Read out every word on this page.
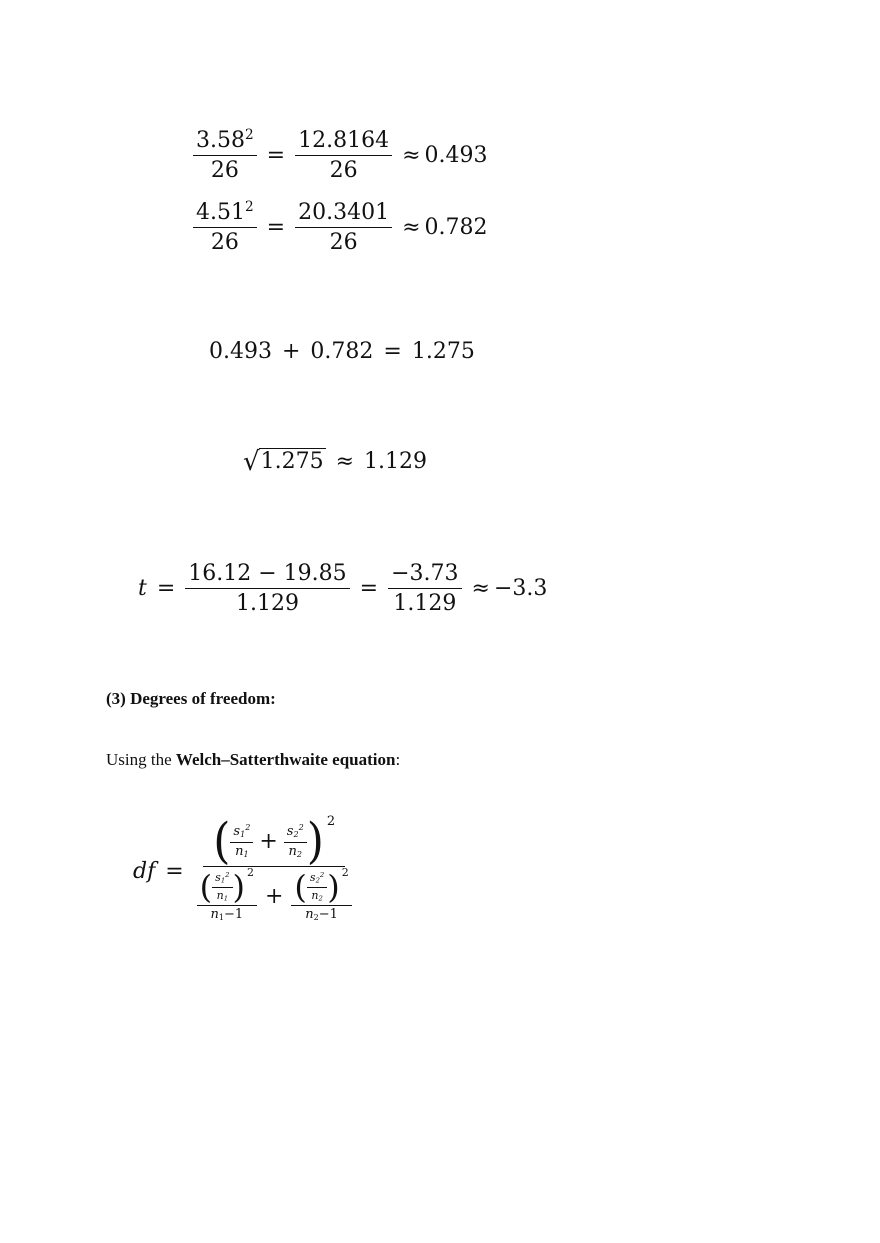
$\frac{3.58^2}{26} = \frac{12.8164}{26} \approx 0.493$
$\frac{4.51^2}{26} = \frac{20.3401}{26} \approx 0.782$
0.493 + 0.782 = 1.275
√ 1.275 ≈ 1.129
$t = \frac{16.12 - 19.85}{1.129} = \frac{-3.73}{1.129} \approx -3.3$
(3) Degrees of freedom:
Using the Welch–Satterthwaite equation:
df =
( $\frac{s_1^2}{n_1} + \frac{s_2^2}{n_2}$ ) 2
( $\frac{s_1^2}{n_1}$ ) 2
$n_1-1$
+ ( $\frac{s_2^2}{n_2}$ ) 2
$n_2-1$
